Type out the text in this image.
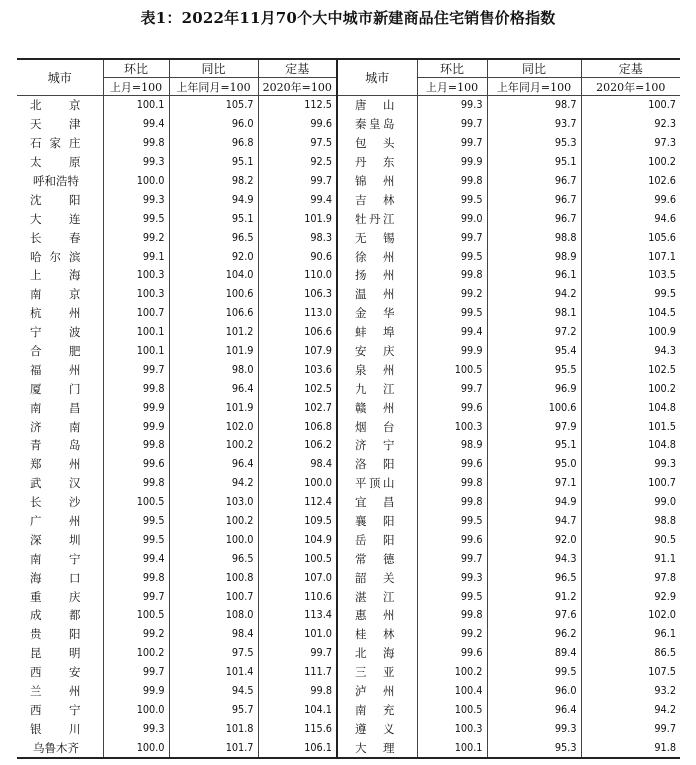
表1：2022年11月70个大中城市新建商品住宅销售价格指数
城市	环比	同比	定基	城市	环比	同比	定基
	上月=100	上年同月=100	2020年=100		上月=100	上年同月=100	2020年=100
北京	100.1	105.7	112.5	唐山	99.3	98.7	100.7
天津	99.4	96.0	99.6	秦皇岛	99.7	93.7	92.3
石家庄	99.8	96.8	97.5	包头	99.7	95.3	97.3
太原	99.3	95.1	92.5	丹东	99.9	95.1	100.2
呼和浩特	100.0	98.2	99.7	锦州	99.8	96.7	102.6
沈阳	99.3	94.9	99.4	吉林	99.5	96.7	99.6
大连	99.5	95.1	101.9	牡丹江	99.0	96.7	94.6
长春	99.2	96.5	98.3	无锡	99.7	98.8	105.6
哈尔滨	99.1	92.0	90.6	徐州	99.5	98.9	107.1
上海	100.3	104.0	110.0	扬州	99.8	96.1	103.5
南京	100.3	100.6	106.3	温州	99.2	94.2	99.5
杭州	100.7	106.6	113.0	金华	99.5	98.1	104.5
宁波	100.1	101.2	106.6	蚌埠	99.4	97.2	100.9
合肥	100.1	101.9	107.9	安庆	99.9	95.4	94.3
福州	99.7	98.0	103.6	泉州	100.5	95.5	102.5
厦门	99.8	96.4	102.5	九江	99.7	96.9	100.2
南昌	99.9	101.9	102.7	赣州	99.6	100.6	104.8
济南	99.9	102.0	106.8	烟台	100.3	97.9	101.5
青岛	99.8	100.2	106.2	济宁	98.9	95.1	104.8
郑州	99.6	96.4	98.4	洛阳	99.6	95.0	99.3
武汉	99.8	94.2	100.0	平顶山	99.8	97.1	100.7
长沙	100.5	103.0	112.4	宜昌	99.8	94.9	99.0
广州	99.5	100.2	109.5	襄阳	99.5	94.7	98.8
深圳	99.5	100.0	104.9	岳阳	99.6	92.0	90.5
南宁	99.4	96.5	100.5	常德	99.7	94.3	91.1
海口	99.8	100.8	107.0	韶关	99.3	96.5	97.8
重庆	99.7	100.7	110.6	湛江	99.5	91.2	92.9
成都	100.5	108.0	113.4	惠州	99.8	97.6	102.0
贵阳	99.2	98.4	101.0	桂林	99.2	96.2	96.1
昆明	100.2	97.5	99.7	北海	99.6	89.4	86.5
西安	99.7	101.4	111.7	三亚	100.2	99.5	107.5
兰州	99.9	94.5	99.8	泸州	100.4	96.0	93.2
西宁	100.0	95.7	104.1	南充	100.5	96.4	94.2
银川	99.3	101.8	115.6	遵义	100.3	99.3	99.7
乌鲁木齐	100.0	101.7	106.1	大理	100.1	95.3	91.8
